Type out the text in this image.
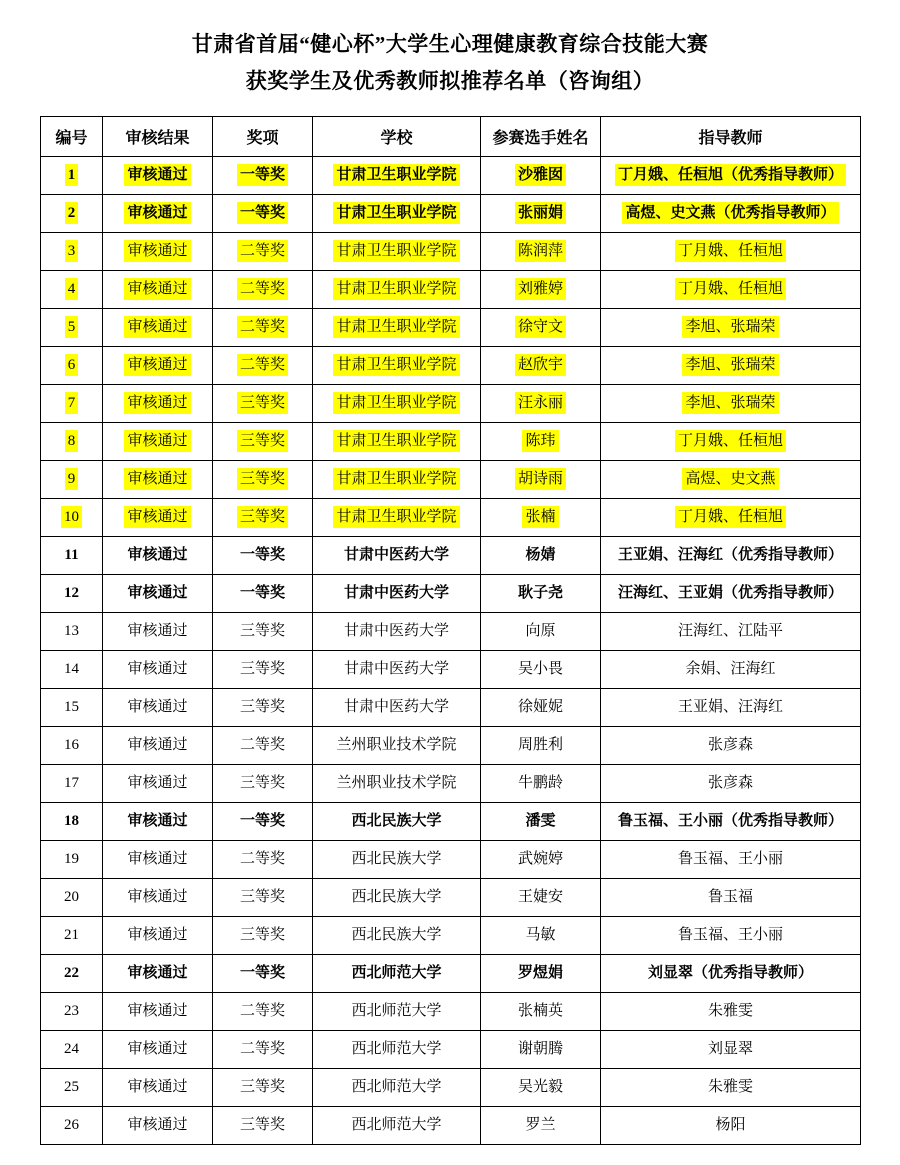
甘肃省首届“健心杯”大学生心理健康教育综合技能大赛
获奖学生及优秀教师拟推荐名单（咨询组）
编号	审核结果	奖项	学校	参赛选手姓名	指导教师
1	审核通过	一等奖	甘肃卫生职业学院	沙雅囡	丁月娥、任桓旭（优秀指导教师）
2	审核通过	一等奖	甘肃卫生职业学院	张丽娟	高煜、史文燕（优秀指导教师）
3	审核通过	二等奖	甘肃卫生职业学院	陈润萍	丁月娥、任桓旭
4	审核通过	二等奖	甘肃卫生职业学院	刘雅婷	丁月娥、任桓旭
5	审核通过	二等奖	甘肃卫生职业学院	徐守文	李旭、张瑞荣
6	审核通过	二等奖	甘肃卫生职业学院	赵欣宇	李旭、张瑞荣
7	审核通过	三等奖	甘肃卫生职业学院	汪永丽	李旭、张瑞荣
8	审核通过	三等奖	甘肃卫生职业学院	陈玮	丁月娥、任桓旭
9	审核通过	三等奖	甘肃卫生职业学院	胡诗雨	高煜、史文燕
10	审核通过	三等奖	甘肃卫生职业学院	张楠	丁月娥、任桓旭
11	审核通过	一等奖	甘肃中医药大学	杨婧	王亚娟、汪海红（优秀指导教师）
12	审核通过	一等奖	甘肃中医药大学	耿子尧	汪海红、王亚娟（优秀指导教师）
13	审核通过	三等奖	甘肃中医药大学	向原	汪海红、江陆平
14	审核通过	三等奖	甘肃中医药大学	吴小畏	余娟、汪海红
15	审核通过	三等奖	甘肃中医药大学	徐娅妮	王亚娟、汪海红
16	审核通过	二等奖	兰州职业技术学院	周胜利	张彦森
17	审核通过	三等奖	兰州职业技术学院	牛鹏龄	张彦森
18	审核通过	一等奖	西北民族大学	潘雯	鲁玉福、王小丽（优秀指导教师）
19	审核通过	二等奖	西北民族大学	武婉婷	鲁玉福、王小丽
20	审核通过	三等奖	西北民族大学	王婕安	鲁玉福
21	审核通过	三等奖	西北民族大学	马敏	鲁玉福、王小丽
22	审核通过	一等奖	西北师范大学	罗煜娟	刘显翠（优秀指导教师）
23	审核通过	二等奖	西北师范大学	张楠英	朱雅雯
24	审核通过	二等奖	西北师范大学	谢朝腾	刘显翠
25	审核通过	三等奖	西北师范大学	吴光毅	朱雅雯
26	审核通过	三等奖	西北师范大学	罗兰	杨阳
